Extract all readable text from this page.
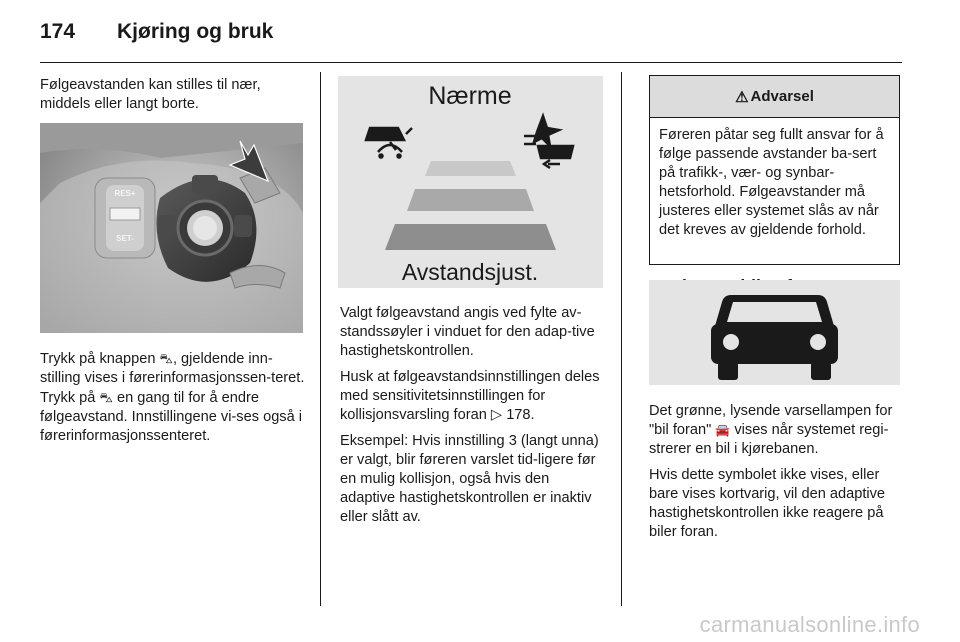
174 Kjøring og bruk

Følgeavstanden kan stilles til nær, middels eller langt borte.

RES+
SET-

Trykk på knappen ⛍, gjeldende inn-stilling vises i førerinformasjonssen-teret. Trykk på ⛍ en gang til for å endre følgeavstand. Innstillingene vi-ses også i førerinformasjonssenteret.

Nærme
Avstandsjust.

Valgt følgeavstand angis ved fylte av-standssøyler i vinduet for den adap-tive hastighetskontrollen.

Husk at følgeavstandsinnstillingen deles med sensitivitetsinnstillingen for kollisjonsvarsling foran ▷ 178.

Eksempel: Hvis innstilling 3 (langt unna) er valgt, blir føreren varslet tid-ligere før en mulig kollisjon, også hvis den adaptive hastighetskontrollen er inaktiv eller slått av.

⚠ Advarsel
Føreren påtar seg fullt ansvar for å følge passende avstander ba-sert på trafikk-, vær- og synbar-hetsforhold. Følgeavstander må justeres eller systemet slås av når det kreves av gjeldende forhold.

Det grønne, lysende varsellampen for "bil foran" 🚘 vises når systemet regi-strerer en bil i kjørebanen.

Hvis dette symbolet ikke vises, eller bare vises kortvarig, vil den adaptive hastighetskontrollen ikke reagere på biler foran.

carmanualsonline.info
